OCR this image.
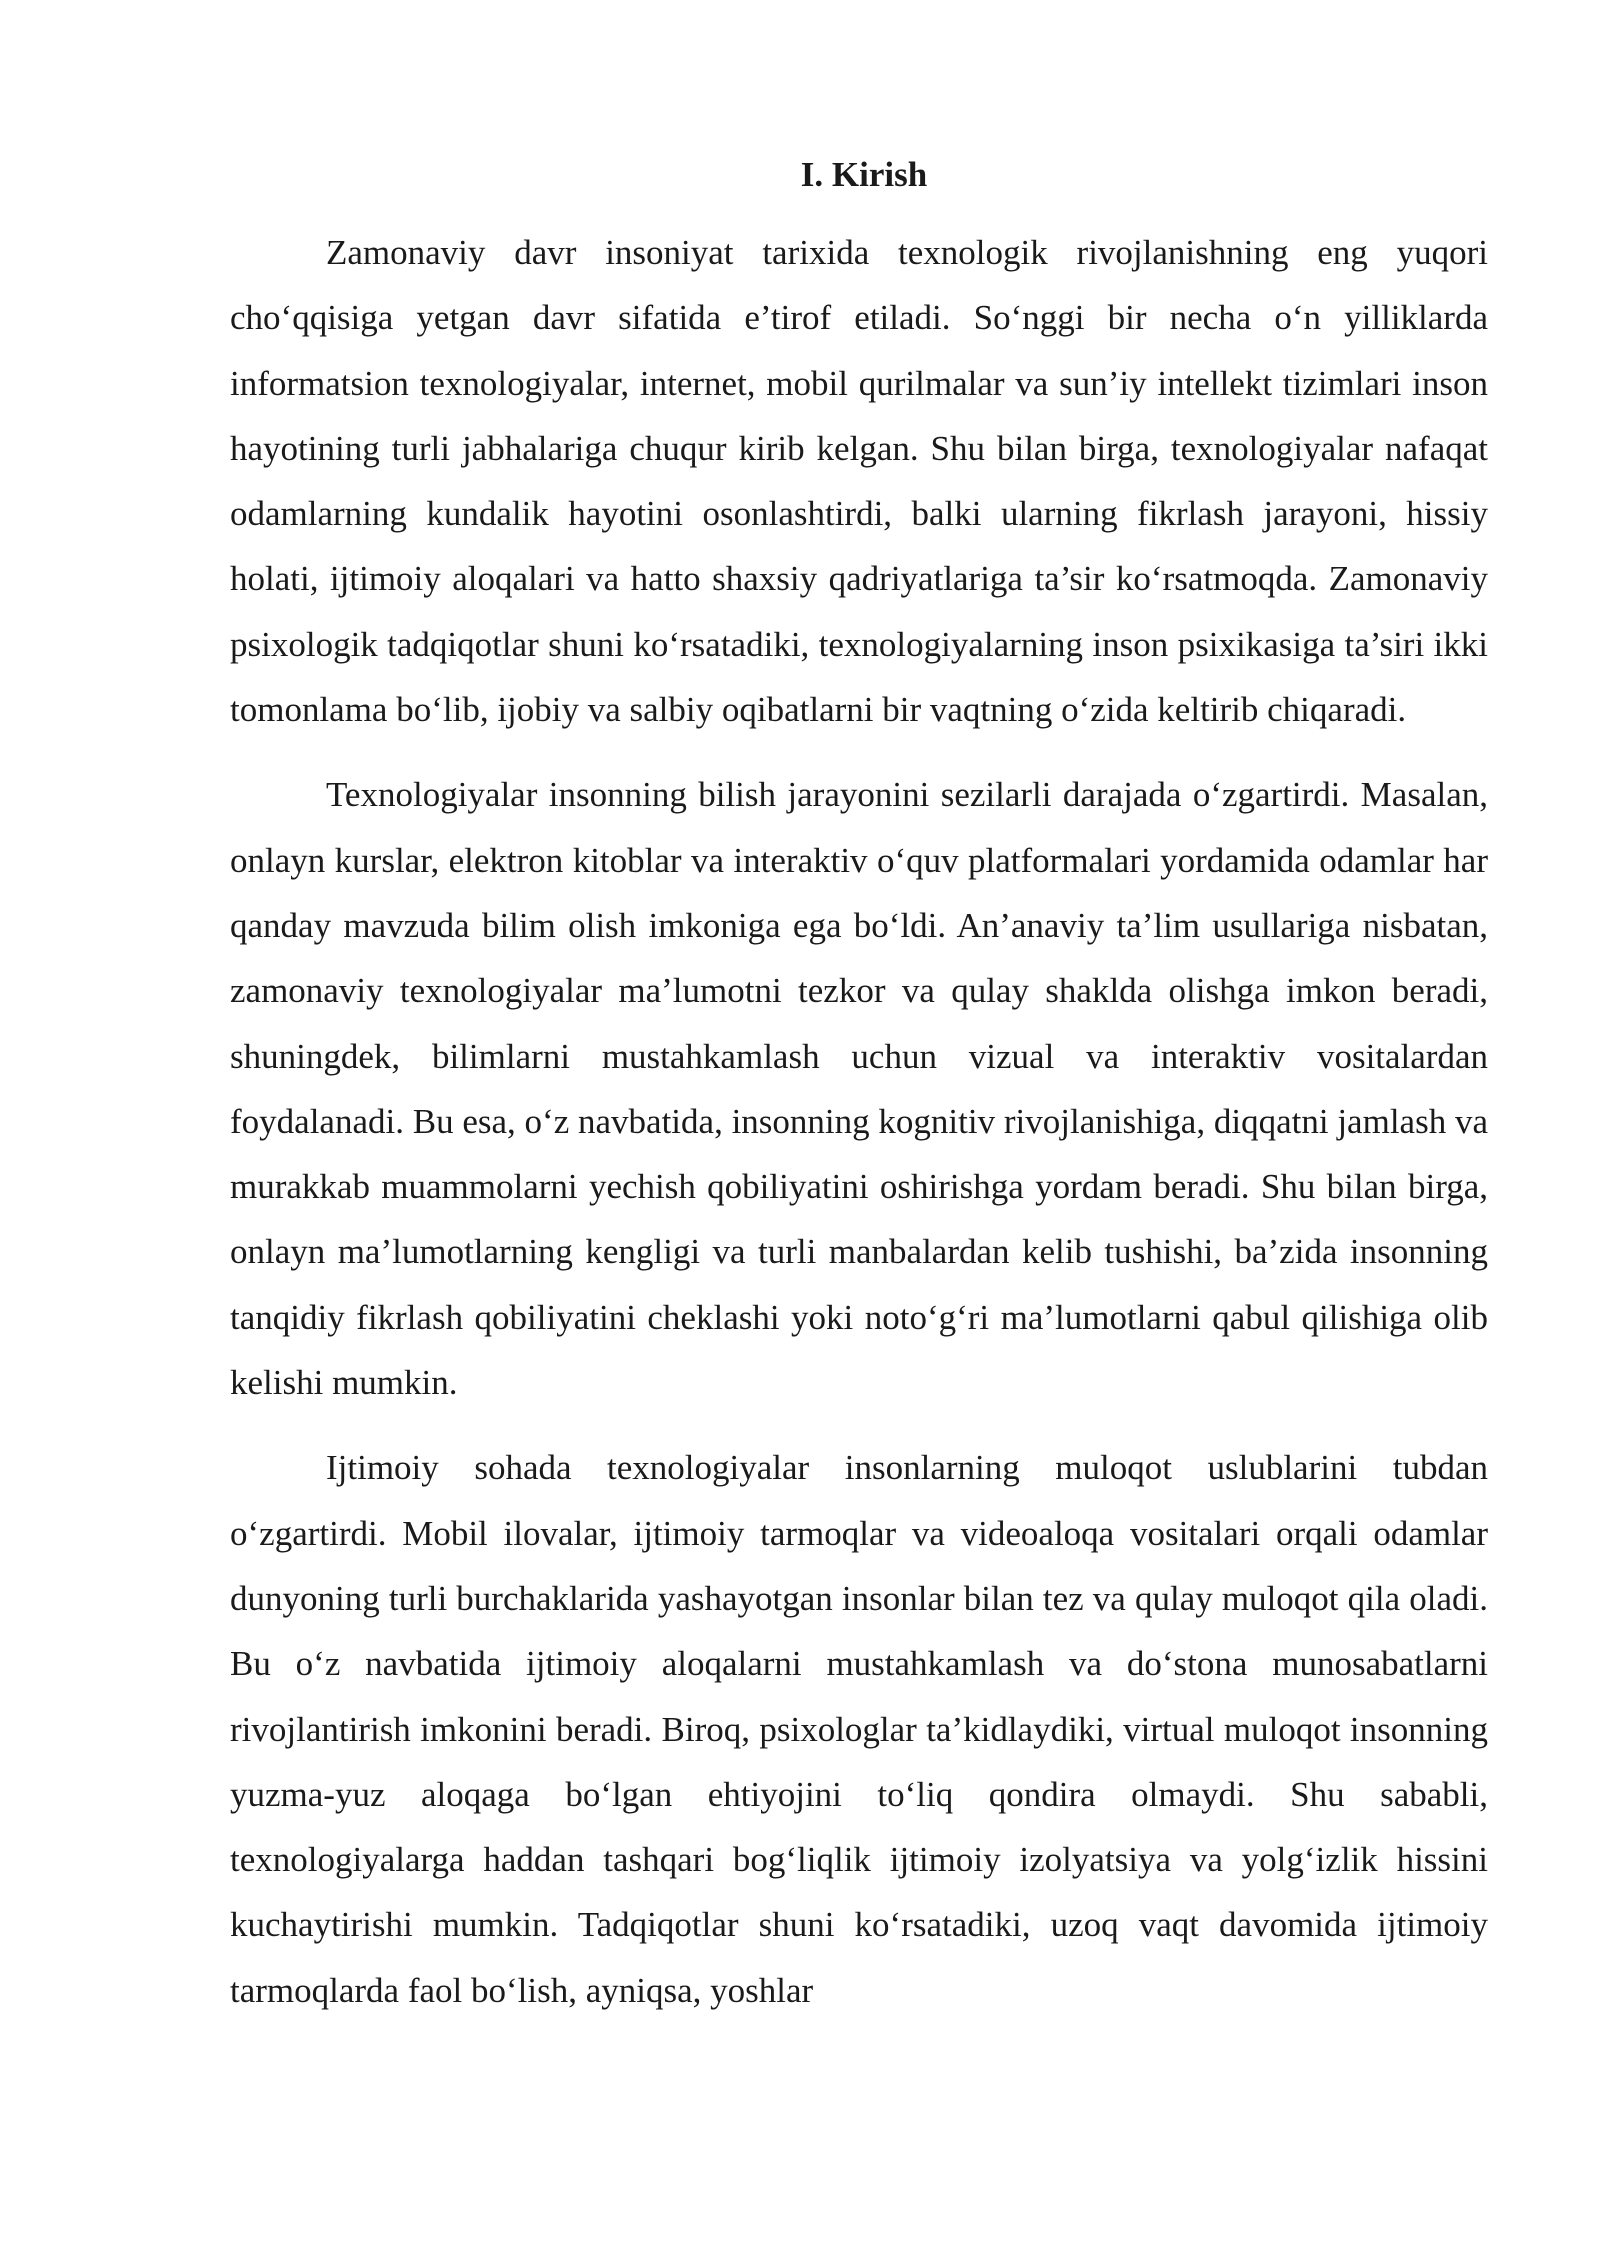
I. Kirish

Zamonaviy davr insoniyat tarixida texnologik rivojlanishning eng yuqori cho‘qqisiga yetgan davr sifatida e’tirof etiladi. So‘nggi bir necha o‘n yilliklarda informatsion texnologiyalar, internet, mobil qurilmalar va sun’iy intellekt tizimlari inson hayotining turli jabhalariga chuqur kirib kelgan. Shu bilan birga, texnologiyalar nafaqat odamlarning kundalik hayotini osonlashtirdi, balki ularning fikrlash jarayoni, hissiy holati, ijtimoiy aloqalari va hatto shaxsiy qadriyatlariga ta’sir ko‘rsatmoqda. Zamonaviy psixologik tadqiqotlar shuni ko‘rsatadiki, texnologiyalarning inson psixikasiga ta’siri ikki tomonlama bo‘lib, ijobiy va salbiy oqibatlarni bir vaqtning o‘zida keltirib chiqaradi.

Texnologiyalar insonning bilish jarayonini sezilarli darajada o‘zgartirdi. Masalan, onlayn kurslar, elektron kitoblar va interaktiv o‘quv platformalari yordamida odamlar har qanday mavzuda bilim olish imkoniga ega bo‘ldi. An’anaviy ta’lim usullariga nisbatan, zamonaviy texnologiyalar ma’lumotni tezkor va qulay shaklda olishga imkon beradi, shuningdek, bilimlarni mustahkamlash uchun vizual va interaktiv vositalardan foydalanadi. Bu esa, o‘z navbatida, insonning kognitiv rivojlanishiga, diqqatni jamlash va murakkab muammolarni yechish qobiliyatini oshirishga yordam beradi. Shu bilan birga, onlayn ma’lumotlarning kengligi va turli manbalardan kelib tushishi, ba’zida insonning tanqidiy fikrlash qobiliyatini cheklashi yoki noto‘g‘ri ma’lumotlarni qabul qilishiga olib kelishi mumkin.

Ijtimoiy sohada texnologiyalar insonlarning muloqot uslublarini tubdan o‘zgartirdi. Mobil ilovalar, ijtimoiy tarmoqlar va videoaloqa vositalari orqali odamlar dunyoning turli burchaklarida yashayotgan insonlar bilan tez va qulay muloqot qila oladi. Bu o‘z navbatida ijtimoiy aloqalarni mustahkamlash va do‘stona munosabatlarni rivojlantirish imkonini beradi. Biroq, psixologlar ta’kidlaydiki, virtual muloqot insonning yuzma-yuz aloqaga bo‘lgan ehtiyojini to‘liq qondira olmaydi. Shu sababli, texnologiyalarga haddan tashqari bog‘liqlik ijtimoiy izolyatsiya va yolg‘izlik hissini kuchaytirishi mumkin. Tadqiqotlar shuni ko‘rsatadiki, uzoq vaqt davomida ijtimoiy tarmoqlarda faol bo‘lish, ayniqsa, yoshlar
